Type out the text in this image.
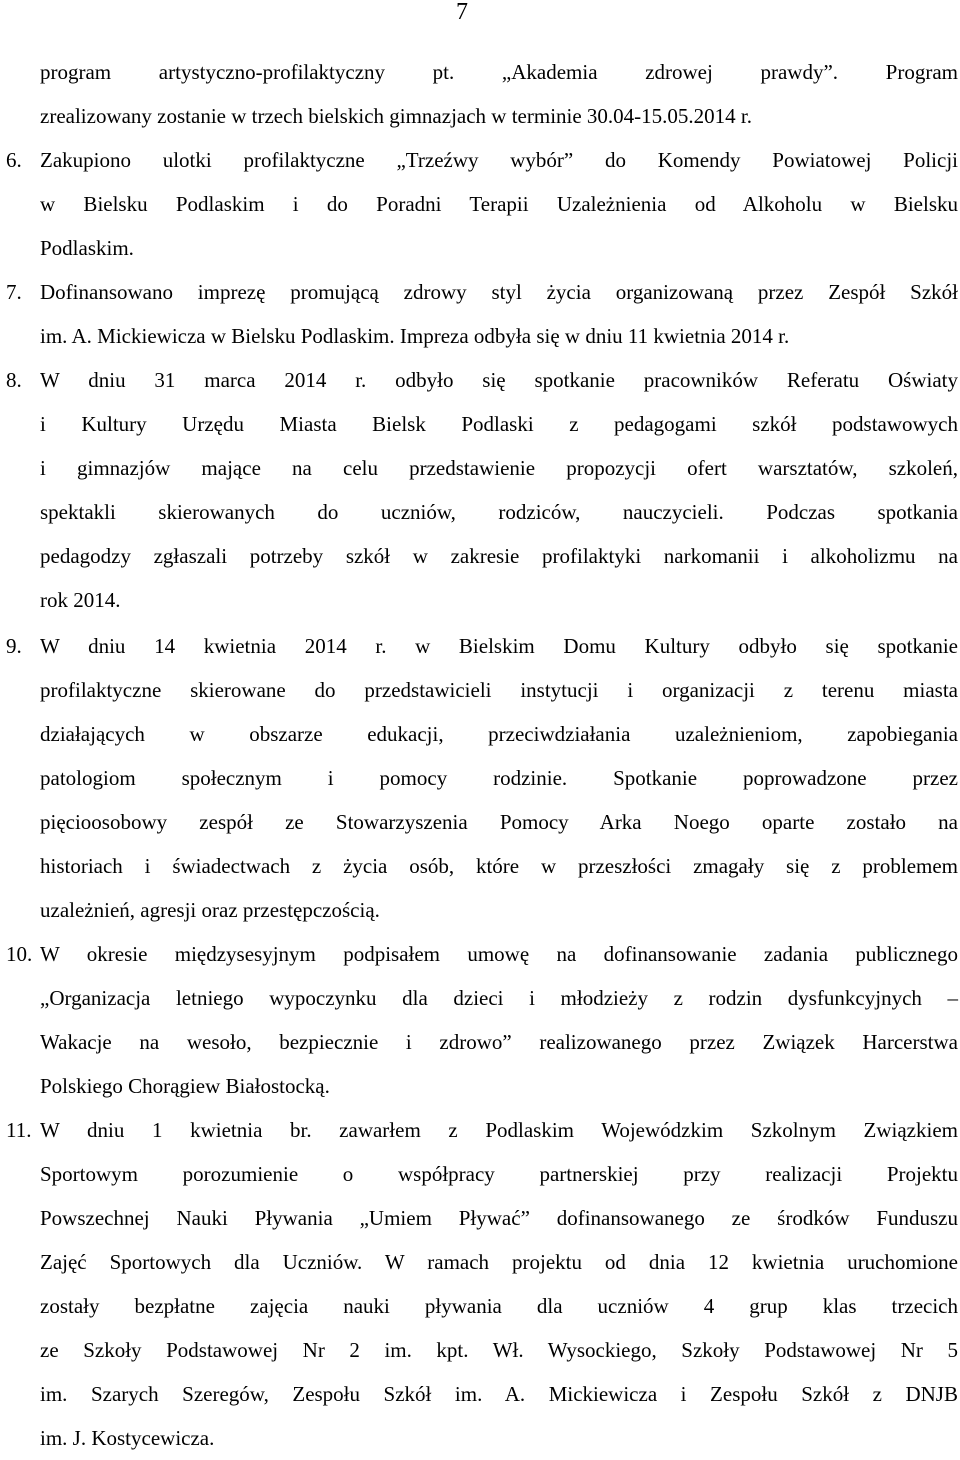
7
program artystyczno-profilaktyczny pt. „Akademia zdrowej prawdy”. Program
zrealizowany zostanie w trzech bielskich gimnazjach w terminie 30.04-15.05.2014 r.
6. Zakupiono ulotki profilaktyczne „Trzeźwy wybór” do Komendy Powiatowej Policji
w Bielsku Podlaskim i do Poradni Terapii Uzależnienia od Alkoholu w Bielsku
Podlaskim.
7. Dofinansowano imprezę promującą zdrowy styl życia organizowaną przez Zespół Szkół
im. A. Mickiewicza w Bielsku Podlaskim. Impreza odbyła się w dniu 11 kwietnia 2014 r.
8. W dniu 31 marca 2014 r. odbyło się spotkanie pracowników Referatu Oświaty
i Kultury Urzędu Miasta Bielsk Podlaski z pedagogami szkół podstawowych
i gimnazjów mające na celu przedstawienie propozycji ofert warsztatów, szkoleń,
spektakli skierowanych do uczniów, rodziców, nauczycieli. Podczas spotkania
pedagodzy zgłaszali potrzeby szkół w zakresie profilaktyki narkomanii i alkoholizmu na
rok 2014.
9. W dniu 14 kwietnia 2014 r. w Bielskim Domu Kultury odbyło się spotkanie
profilaktyczne skierowane do przedstawicieli instytucji i organizacji z terenu miasta
działających w obszarze edukacji, przeciwdziałania uzależnieniom, zapobiegania
patologiom społecznym i pomocy rodzinie. Spotkanie poprowadzone przez
pięcioosobowy zespół ze Stowarzyszenia Pomocy Arka Noego oparte zostało na
historiach i świadectwach z życia osób, które w przeszłości zmagały się z problemem
uzależnień, agresji oraz przestępczością.
10. W okresie międzysesyjnym podpisałem umowę na dofinansowanie zadania publicznego
„Organizacja letniego wypoczynku dla dzieci i młodzieży z rodzin dysfunkcyjnych –
Wakacje na wesoło, bezpiecznie i zdrowo” realizowanego przez Związek Harcerstwa
Polskiego Chorągiew Białostocką.
11. W dniu 1 kwietnia br. zawarłem z Podlaskim Wojewódzkim Szkolnym Związkiem
Sportowym porozumienie o współpracy partnerskiej przy realizacji Projektu
Powszechnej Nauki Pływania „Umiem Pływać” dofinansowanego ze środków Funduszu
Zajęć Sportowych dla Uczniów. W ramach projektu od dnia 12 kwietnia uruchomione
zostały bezpłatne zajęcia nauki pływania dla uczniów 4 grup klas trzecich
ze Szkoły Podstawowej Nr 2 im. kpt. Wł. Wysockiego, Szkoły Podstawowej Nr 5
im. Szarych Szeregów, Zespołu Szkół im. A. Mickiewicza i Zespołu Szkół z DNJB
im. J. Kostycewicza.
